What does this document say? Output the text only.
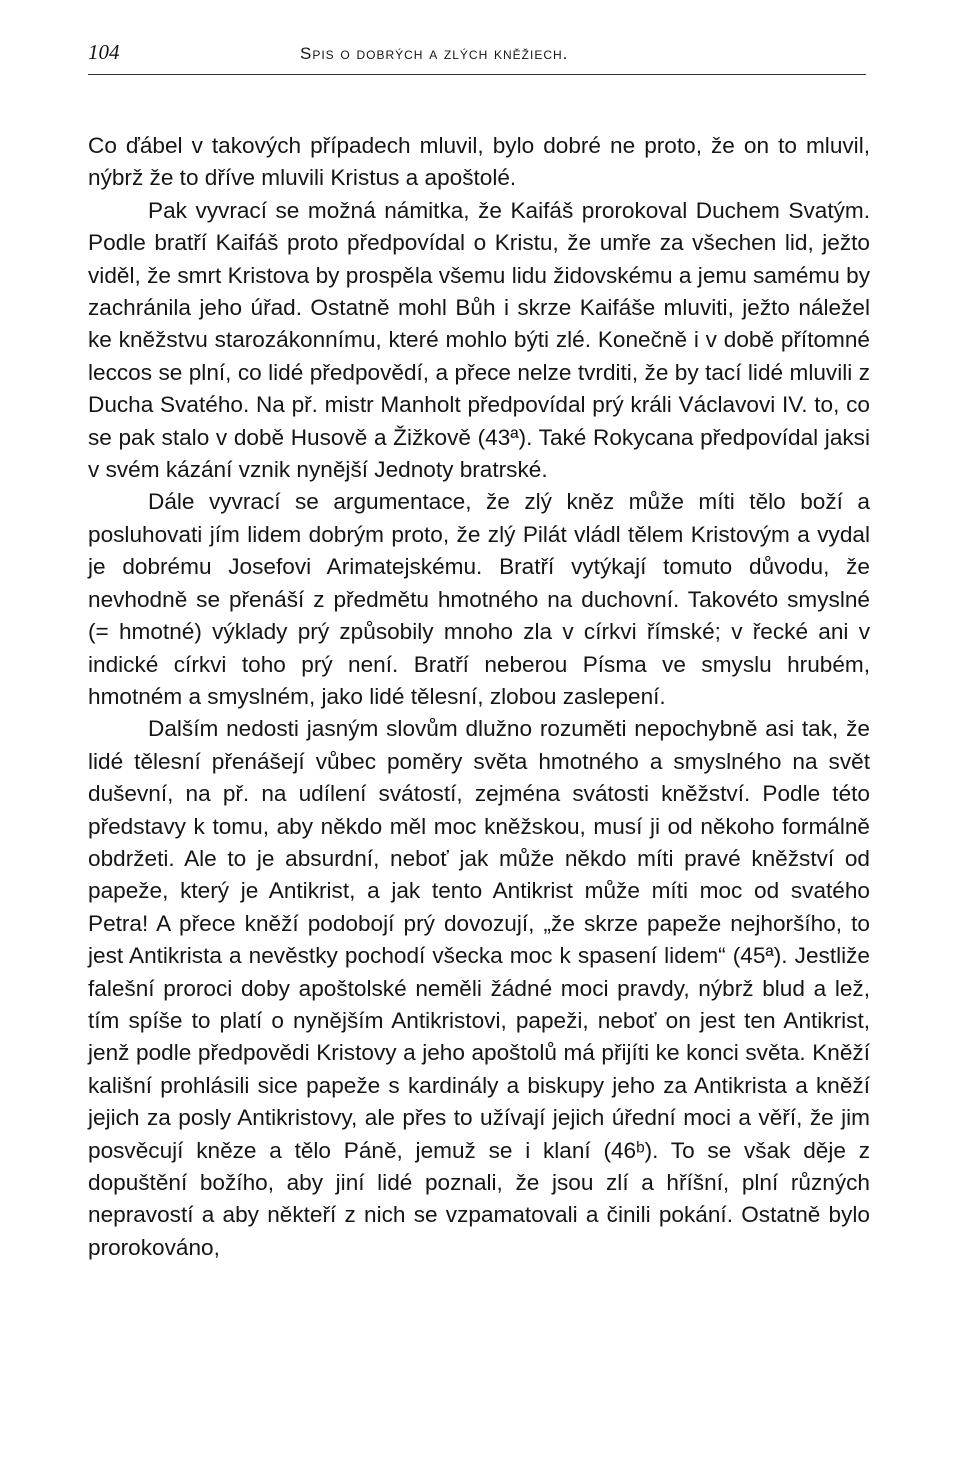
104	Spis o dobrých a zlých kněžiech.

Co ďábel v takových případech mluvil, bylo dobré ne proto, že on to mluvil, nýbrž že to dříve mluvili Kristus a apoštolé.

Pak vyvrací se možná námitka, že Kaifáš prorokoval Duchem Svatým. Podle bratří Kaifáš proto předpovídal o Kristu, že umře za všechen lid, ježto viděl, že smrt Kristova by prospěla všemu lidu židovskému a jemu samému by zachránila jeho úřad. Ostatně mohl Bůh i skrze Kaifáše mluviti, ježto náležel ke kněžstvu starozákonnímu, které mohlo býti zlé. Konečně i v době přítomné leccos se plní, co lidé předpovědí, a přece nelze tvrditi, že by tací lidé mluvili z Ducha Svatého. Na př. mistr Manholt předpovídal prý králi Václavovi IV. to, co se pak stalo v době Husově a Žižkově (43ª). Také Rokycana předpovídal jaksi v svém kázání vznik nynější Jednoty bratrské.

Dále vyvrací se argumentace, že zlý kněz může míti tělo boží a posluhovati jím lidem dobrým proto, že zlý Pilát vládl tělem Kristovým a vydal je dobrému Josefovi Arimatejskému. Bratří vytýkají tomuto důvodu, že nevhodně se přenáší z předmětu hmotného na duchovní. Takovéto smyslné (= hmotné) výklady prý způsobily mnoho zla v církvi římské; v řecké ani v indické církvi toho prý není. Bratří neberou Písma ve smyslu hrubém, hmotném a smyslném, jako lidé tělesní, zlobou zaslepení.

Dalším nedosti jasným slovům dlužno rozuměti nepochybně asi tak, že lidé tělesní přenášejí vůbec poměry světa hmotného a smyslného na svět duševní, na př. na udílení svátostí, zejména svátosti kněžství. Podle této představy k tomu, aby někdo měl moc kněžskou, musí ji od někoho formálně obdržeti. Ale to je absurdní, neboť jak může někdo míti pravé kněžství od papeže, který je Antikrist, a jak tento Antikrist může míti moc od svatého Petra! A přece kněží podobojí prý dovozují, „že skrze papeže nejhoršího, to jest Antikrista a nevěstky pochodí všecka moc k spasení lidem“ (45ª). Jestliže falešní proroci doby apoštolské neměli žádné moci pravdy, nýbrž blud a lež, tím spíše to platí o nynějším Antikristovi, papeži, neboť on jest ten Antikrist, jenž podle předpovědi Kristovy a jeho apoštolů má přijíti ke konci světa. Kněží kališní prohlásili sice papeže s kardinály a biskupy jeho za Antikrista a kněží jejich za posly Antikristovy, ale přes to užívají jejich úřední moci a věří, že jim posvěcují kněze a tělo Páně, jemuž se i klaní (46ᵇ). To se však děje z dopuštění božího, aby jiní lidé poznali, že jsou zlí a hříšní, plní různých nepravostí a aby někteří z nich se vzpamatovali a činili pokání. Ostatně bylo prorokováno,
